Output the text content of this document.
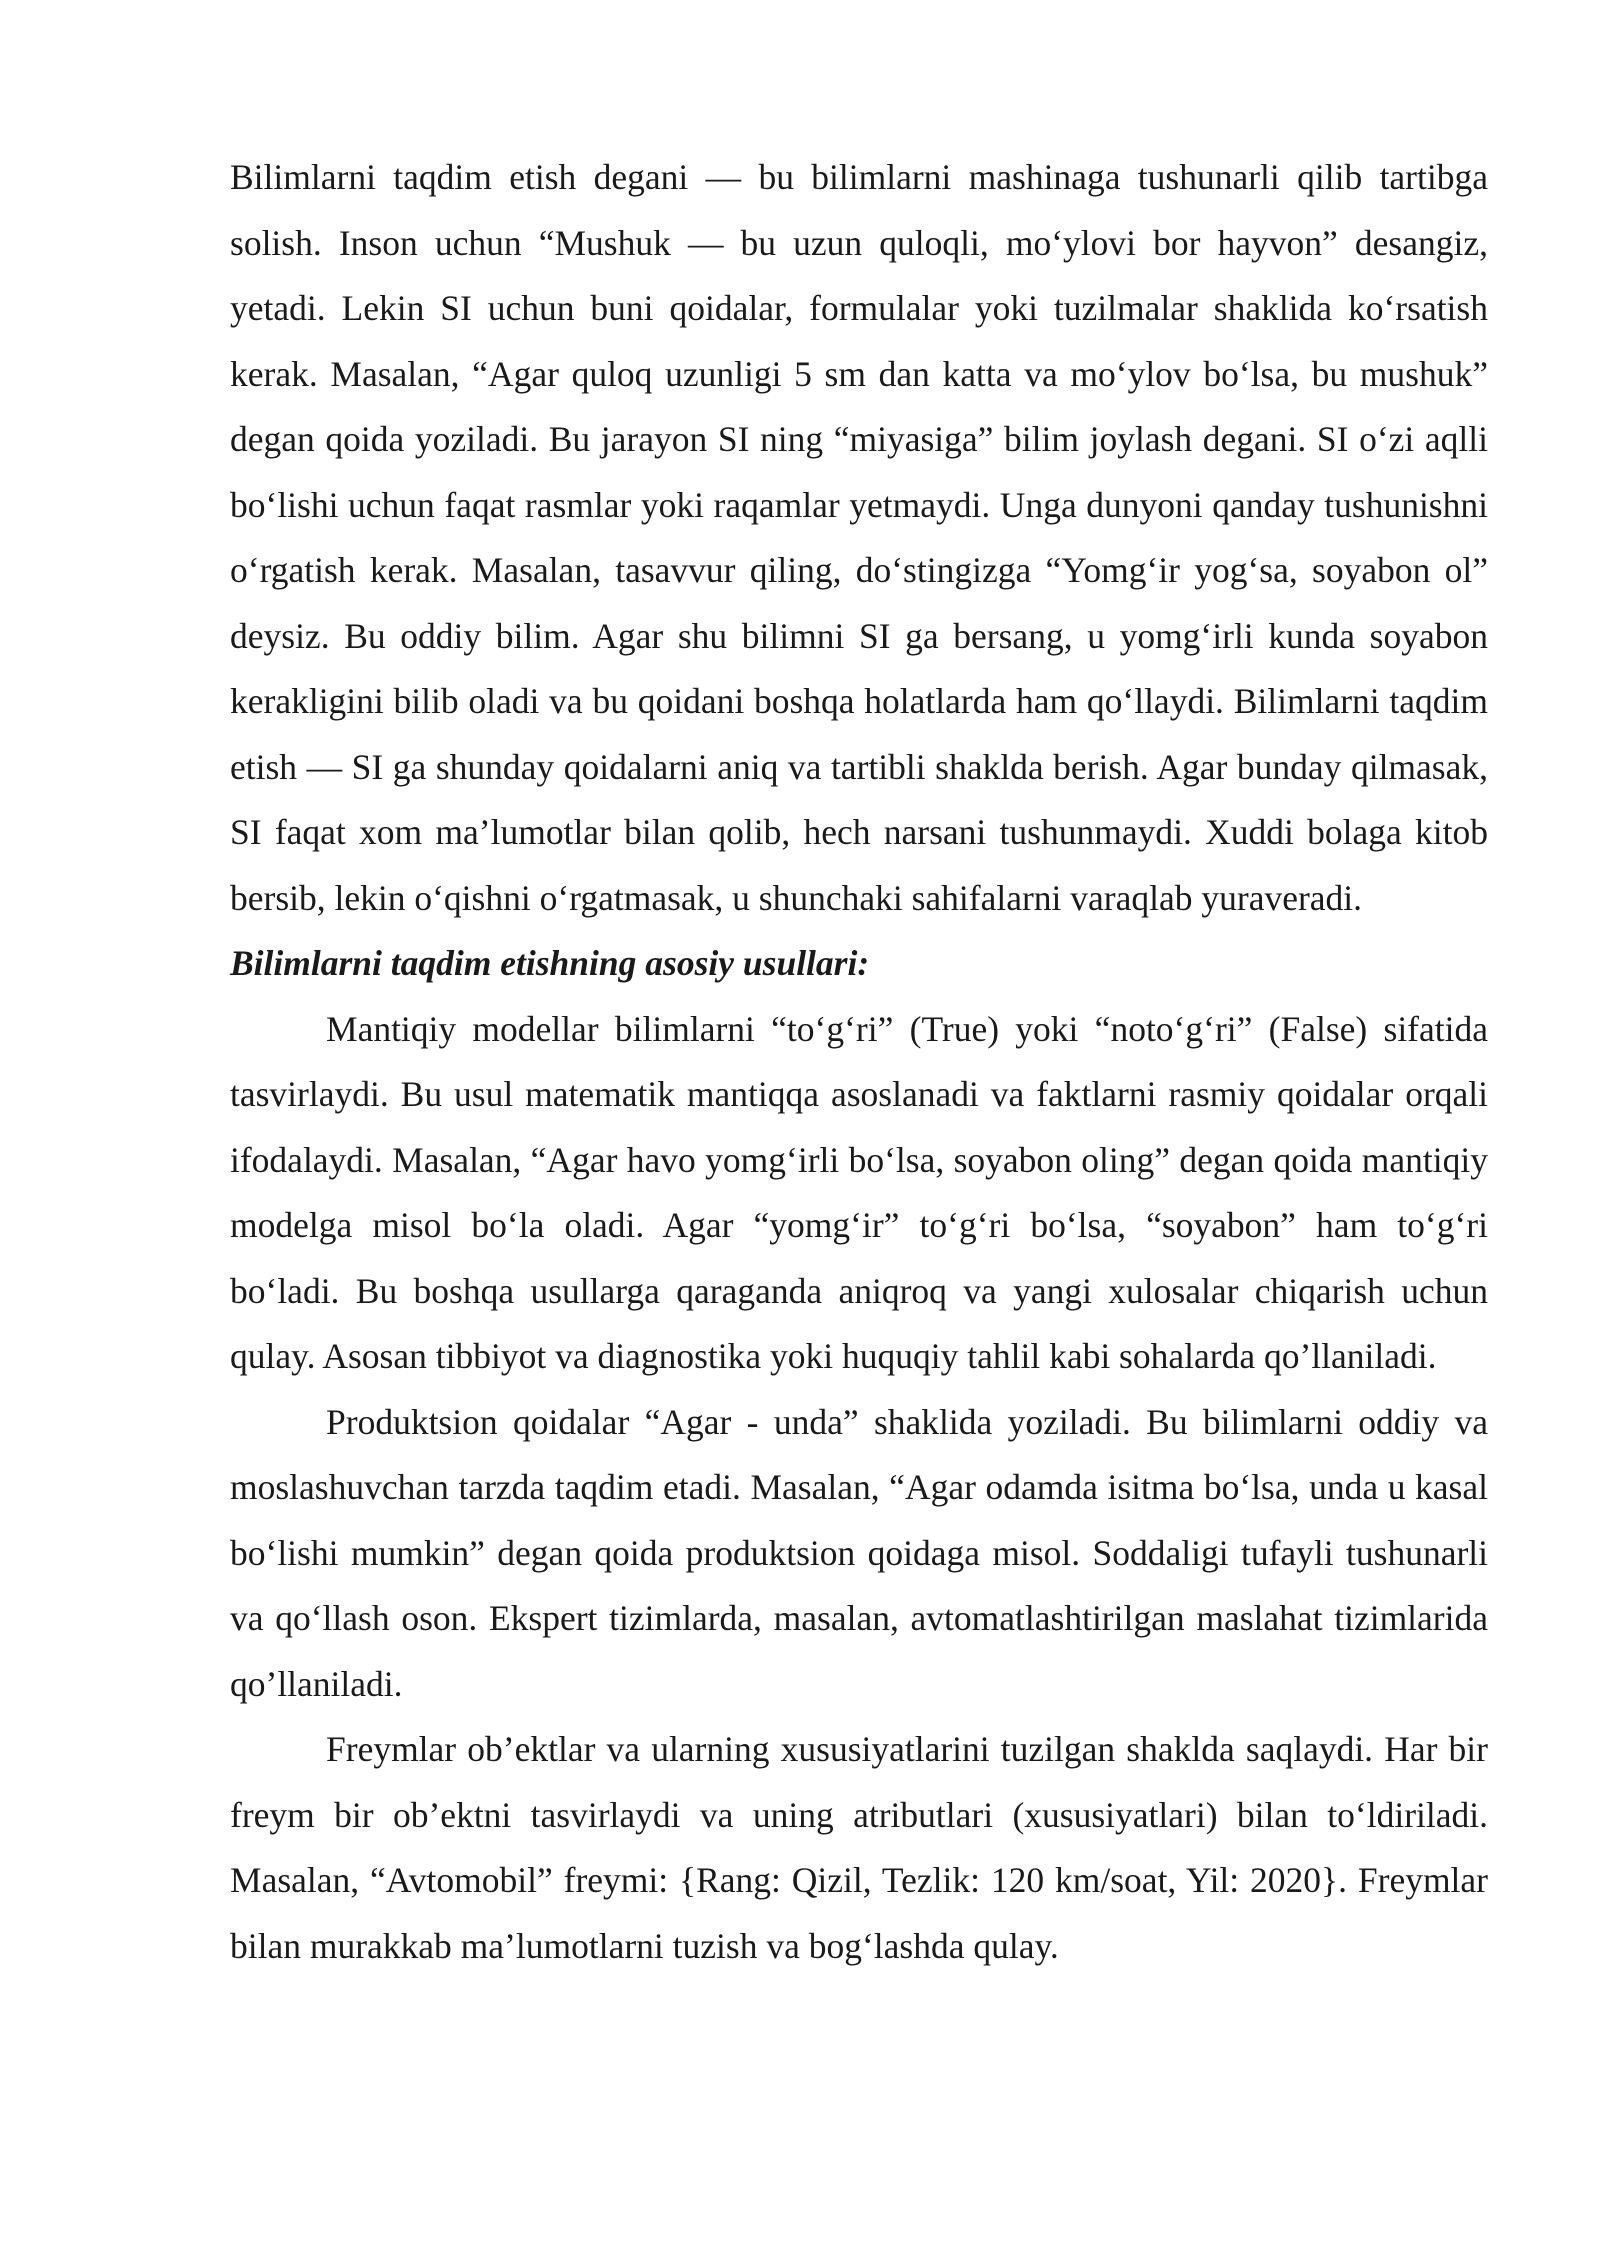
Bilimlarni taqdim etish degani — bu bilimlarni mashinaga tushunarli qilib tartibga solish. Inson uchun “Mushuk — bu uzun quloqli, mo‘ylovi bor hayvon” desangiz, yetadi. Lekin SI uchun buni qoidalar, formulalar yoki tuzilmalar shaklida ko‘rsatish kerak. Masalan, “Agar quloq uzunligi 5 sm dan katta va mo‘ylov bo‘lsa, bu mushuk” degan qoida yoziladi. Bu jarayon SI ning “miyasiga” bilim joylash degani. SI o‘zi aqlli bo‘lishi uchun faqat rasmlar yoki raqamlar yetmaydi. Unga dunyoni qanday tushunishni o‘rgatish kerak. Masalan, tasavvur qiling, do‘stingizga “Yomg‘ir yog‘sa, soyabon ol” deysiz. Bu oddiy bilim. Agar shu bilimni SI ga bersang, u yomg‘irli kunda soyabon kerakligini bilib oladi va bu qoidani boshqa holatlarda ham qo‘llaydi. Bilimlarni taqdim etish — SI ga shunday qoidalarni aniq va tartibli shakldа berish. Agar bunday qilmasak, SI faqat xom ma’lumotlar bilan qolib, hech narsani tushunmaydi. Xuddi bolaga kitob bersib, lekin o‘qishni o‘rgatmasak, u shunchaki sahifalarni varaqlab yuraveradi.

Bilimlarni taqdim etishning asosiy usullari:

Mantiqiy modellar bilimlarni “to‘g‘ri” (True) yoki “noto‘g‘ri” (False) sifatida tasvirlaydi. Bu usul matematik mantiqqa asoslanadi va faktlarni rasmiy qoidalar orqali ifodalaydi. Masalan, “Agar havo yomg‘irli bo‘lsa, soyabon oling” degan qoida mantiqiy modelga misol bo‘la oladi. Agar “yomg‘ir” to‘g‘ri bo‘lsa, “soyabon” ham to‘g‘ri bo‘ladi. Bu boshqa usullarga qaraganda aniqroq va yangi xulosalar chiqarish uchun qulay. Asosan tibbiyot va diagnostika yoki huquqiy tahlil kabi sohalarda qo’llaniladi.

Produktsion qoidalar “Agar - unda” shaklida yoziladi. Bu bilimlarni oddiy va moslashuvchan tarzda taqdim etadi. Masalan, “Agar odamda isitma bo‘lsa, unda u kasal bo‘lishi mumkin” degan qoida produktsion qoidaga misol. Soddaligi tufayli tushunarli va qo‘llash oson. Ekspert tizimlarda, masalan, avtomatlashtirilgan maslahat tizimlarida qo’llaniladi.

Freymlar ob’ektlar va ularning xususiyatlarini tuzilgan shaklda saqlaydi. Har bir freym bir ob’ektni tasvirlaydi va uning atributlari (xususiyatlari) bilan to‘ldiriladi. Masalan, “Avtomobil” freymi: {Rang: Qizil, Tezlik: 120 km/soat, Yil: 2020}. Freymlar bilan murakkab ma’lumotlarni tuzish va bog‘lashda qulay.
